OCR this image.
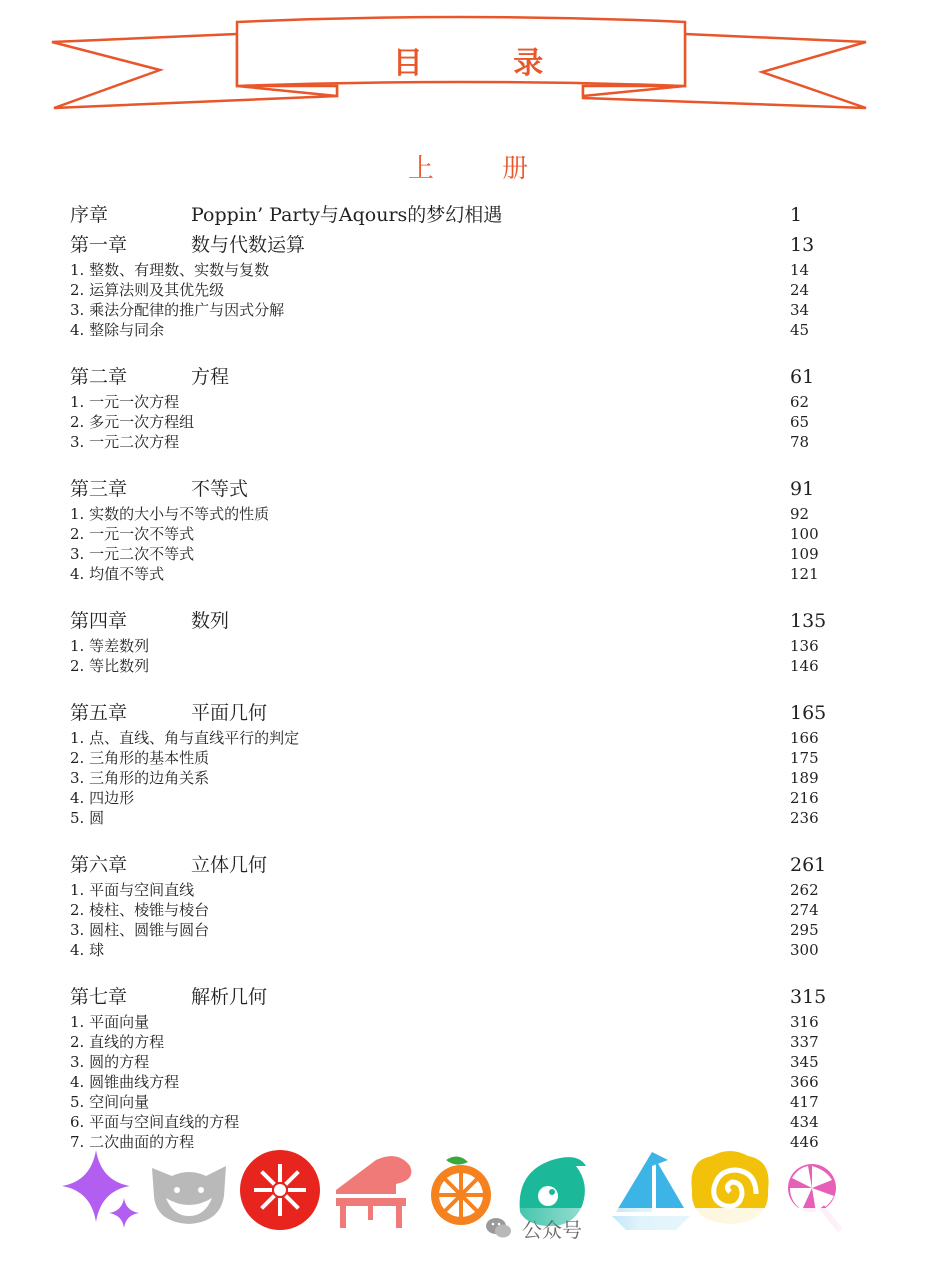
目 录
上 册
序章	Poppin’ Party与Aqours的梦幻相遇	1
第一章	数与代数运算	13
1. 整数、有理数、实数与复数	14
2. 运算法则及其优先级	24
3. 乘法分配律的推广与因式分解	34
4. 整除与同余	45
第二章	方程	61
1. 一元一次方程	62
2. 多元一次方程组	65
3. 一元二次方程	78
第三章	不等式	91
1. 实数的大小与不等式的性质	92
2. 一元一次不等式	100
3. 一元二次不等式	109
4. 均值不等式	121
第四章	数列	135
1. 等差数列	136
2. 等比数列	146
第五章	平面几何	165
1. 点、直线、角与直线平行的判定	166
2. 三角形的基本性质	175
3. 三角形的边角关系	189
4. 四边形	216
5. 圆	236
第六章	立体几何	261
1. 平面与空间直线	262
2. 棱柱、棱锥与棱台	274
3. 圆柱、圆锥与圆台	295
4. 球	300
第七章	解析几何	315
1. 平面向量	316
2. 直线的方程	337
3. 圆的方程	345
4. 圆锥曲线方程	366
5. 空间向量	417
6. 平面与空间直线的方程	434
7. 二次曲面的方程	446
公众号
